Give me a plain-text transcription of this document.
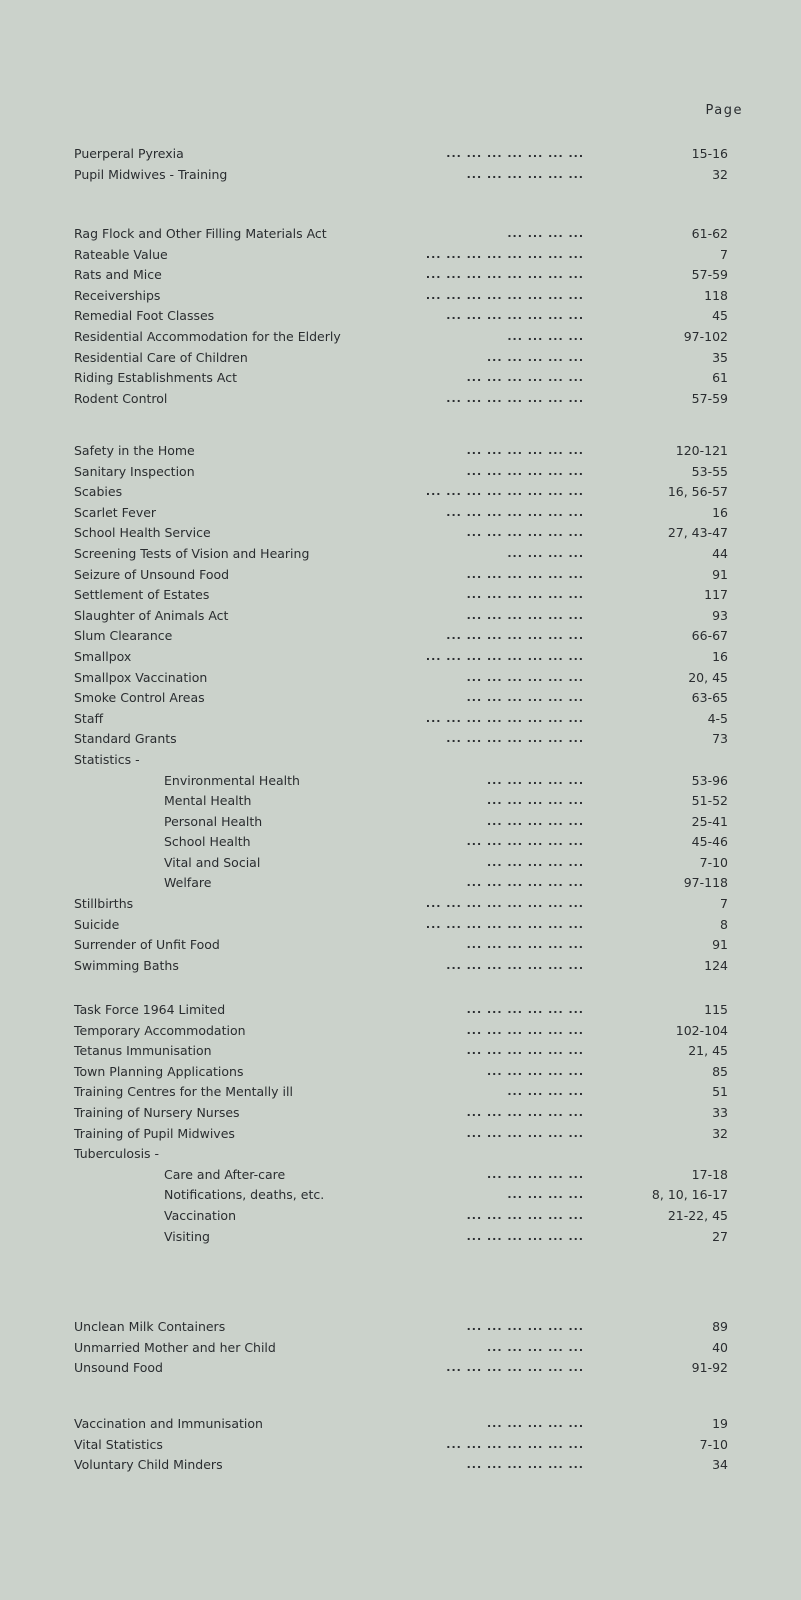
Page
Puerperal Pyrexia	... ... ... ... ... ... ...	15-16
Pupil Midwives - Training	... ... ... ... ... ...	32
Rag Flock and Other Filling Materials Act	... ... ... ...	61-62
Rateable Value	... ... ... ... ... ... ... ...	7
Rats and Mice	... ... ... ... ... ... ... ...	57-59
Receiverships	... ... ... ... ... ... ... ...	118
Remedial Foot Classes	... ... ... ... ... ... ...	45
Residential Accommodation for the Elderly	... ... ... ...	97-102
Residential Care of Children	... ... ... ... ...	35
Riding Establishments Act	... ... ... ... ... ...	61
Rodent Control	... ... ... ... ... ... ...	57-59
Safety in the Home	... ... ... ... ... ...	120-121
Sanitary Inspection	... ... ... ... ... ...	53-55
Scabies	... ... ... ... ... ... ... ...	16, 56-57
Scarlet Fever	... ... ... ... ... ... ...	16
School Health Service	... ... ... ... ... ...	27, 43-47
Screening Tests of Vision and Hearing	... ... ... ...	44
Seizure of Unsound Food	... ... ... ... ... ...	91
Settlement of Estates	... ... ... ... ... ...	117
Slaughter of Animals Act	... ... ... ... ... ...	93
Slum Clearance	... ... ... ... ... ... ...	66-67
Smallpox	... ... ... ... ... ... ... ...	16
Smallpox Vaccination	... ... ... ... ... ...	20, 45
Smoke Control Areas	... ... ... ... ... ...	63-65
Staff	... ... ... ... ... ... ... ...	4-5
Standard Grants	... ... ... ... ... ... ...	73
Statistics -
Environmental Health	... ... ... ... ...	53-96
Mental Health	... ... ... ... ...	51-52
Personal Health	... ... ... ... ...	25-41
School Health	... ... ... ... ... ...	45-46
Vital and Social	... ... ... ... ...	7-10
Welfare	... ... ... ... ... ...	97-118
Stillbirths	... ... ... ... ... ... ... ...	7
Suicide	... ... ... ... ... ... ... ...	8
Surrender of Unfit Food	... ... ... ... ... ...	91
Swimming Baths	... ... ... ... ... ... ...	124
Task Force 1964 Limited	... ... ... ... ... ...	115
Temporary Accommodation	... ... ... ... ... ...	102-104
Tetanus Immunisation	... ... ... ... ... ...	21, 45
Town Planning Applications	... ... ... ... ...	85
Training Centres for the Mentally ill	... ... ... ...	51
Training of Nursery Nurses	... ... ... ... ... ...	33
Training of Pupil Midwives	... ... ... ... ... ...	32
Tuberculosis -
Care and After-care	... ... ... ... ...	17-18
Notifications, deaths, etc.	... ... ... ...	8, 10, 16-17
Vaccination	... ... ... ... ... ...	21-22, 45
Visiting	... ... ... ... ... ...	27
Unclean Milk Containers	... ... ... ... ... ...	89
Unmarried Mother and her Child	... ... ... ... ...	40
Unsound Food	... ... ... ... ... ... ...	91-92
Vaccination and Immunisation	... ... ... ... ...	19
Vital Statistics	... ... ... ... ... ... ...	7-10
Voluntary Child Minders	... ... ... ... ... ...	34
